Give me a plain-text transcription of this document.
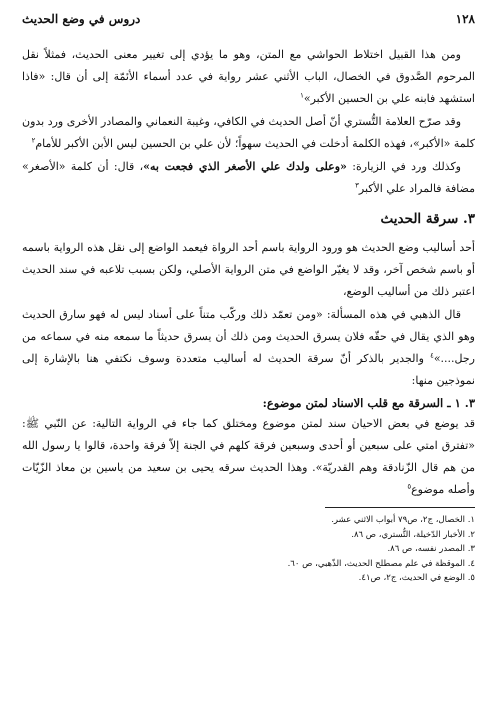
١٢٨
دروس في وضع الحديث

ومن هذا القبيل اختلاط الحواشي مع المتن، وهو ما يؤدي إلى تغيير معنى الحديث، فمثلاً نقل المرحوم الصَّدوق في الخصال، الباب الأثني عشر رواية في عدد أسماء الأئمّة إلى أن قال: «فاذا استشهد فابنه علي بن الحسين الأكبر»$^١$

وقد صرّح العلامة التُّستري أنّ أصل الحديث في الكافي، وغيبة النعماني والمصادر الأخرى ورد بدون كلمة «الأكبر»، فهذه الكلمة أدخلت في الحديث سهواً؛ لأن علي بن الحسين ليس الأبن الأكبر للأمام$^٢$

وكذلك ورد في الزيارة: «وعلى ولدك علي الأصغر الذي فجعت به»، قال: أن كلمة «الأصغر» مضافة فالمراد علي الأكبر$^٣$

٣. سرقة الحديث

أحد أساليب وضع الحديث هو ورود الرواية باسم أحد الرواة فيعمد الواضع إلى نقل هذه الرواية باسمه أو باسم شخص آخر، وقد لا يغيّر الواضع في متن الرواية الأصلي، ولكن بسبب تلاعبه في سند الحديث اعتبر ذلك من أساليب الوضع،

قال الذهبي في هذه المسألة: «ومن تعمّد ذلك وركّب متناً على أسناد ليس له فهو سارق الحديث وهو الذي يقال في حقّه فلان يسرق الحديث ومن ذلك أن يسرق حديثاً ما سمعه منه في سماعه من رجل....»$^٤$ والجدير بالذكر أنّ سرقة الحديث له أساليب متعددة وسوف نكتفي هنا بالإشارة إلى نموذجين منها:

٣. ١ ـ السرقة مع قلب الاسناد لمتن موضوع:

قد يوضع في بعض الاحيان سند لمتن موضوع ومختلق كما جاء في الرواية التالية: عن النّبي ﷺ: «تفترق امتي على سبعين أو أحدى وسبعين فرقة كلهم في الجنة إلاّ فرقة واحدة، قالوا يا رسول الله من هم قال الزّنادقة وهم القدريّة». وهذا الحديث سرقه يحيى بن سعيد من ياسين بن معاذ الزّيّات وأصله موضوع$^٥$

١. الخصال، ج٢، ص٧٩ أبواب الاثني عشر.

٢. الأخبار الدّخيلة، التُّستري، ص ٨٦.

٣. المصدر نفسه، ص ٨٦.

٤. الموقظة في علم مصطلح الحديث، الذّهبي، ص ٦٠.

٥. الوضع في الحديث، ج٢، ص٤١.
